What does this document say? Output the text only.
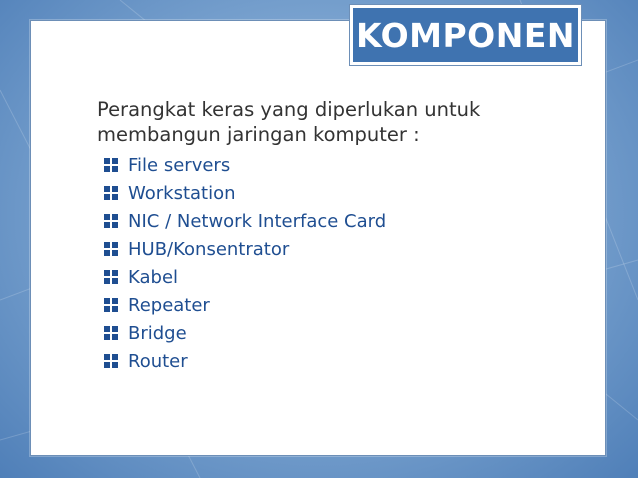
KOMPONEN
Perangkat keras yang diperlukan untuk membangun jaringan komputer :
File servers
Workstation
NIC / Network Interface Card
HUB/Konsentrator
Kabel
Repeater
Bridge
Router
